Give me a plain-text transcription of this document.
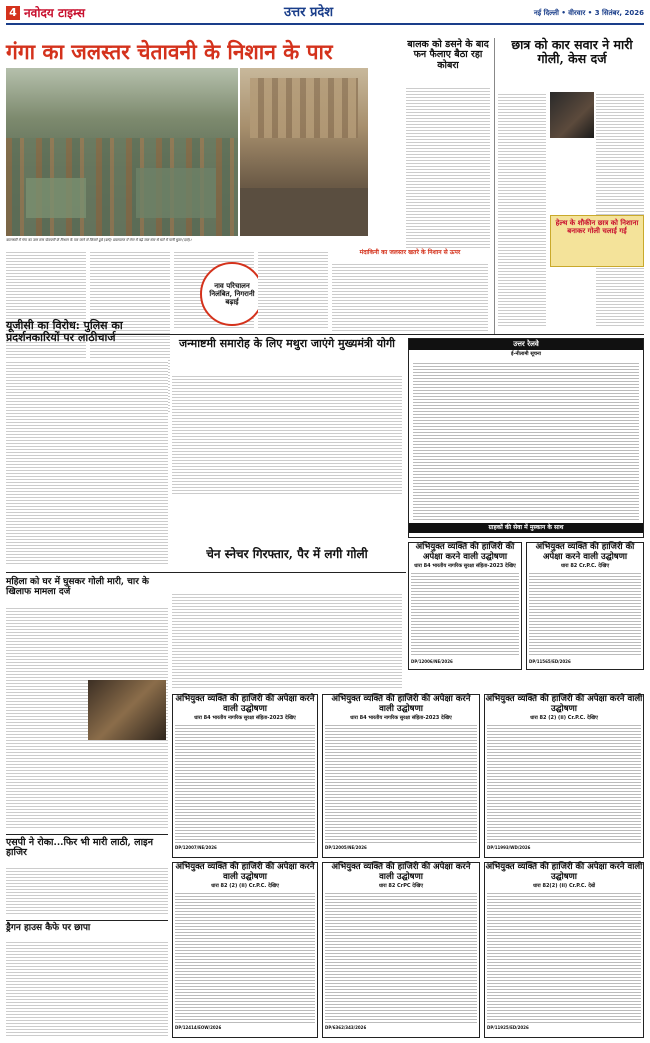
4 नवोदय टाइम्स	उत्तर प्रदेश	नई दिल्ली • वीरवार • 3 सितंबर, 2026
गंगा का जलस्तर चेतावनी के निशान के पार
वाराणसी में गंगा का जल स्तर चेतावनी के निशान के पार जाने से किनारे डूबे (बाएं) प्रयागराज में गंगा में बढ़े जल स्तर से घरों में पानी घुसा (दाएं)।
बालक को डसने के बाद फन फैलाए बैठा रहा कोबरा
छात्र को कार सवार ने मारी गोली, केस दर्ज
हेल्थ के शौकीन छात्र को निशाना बनाकर गोली चलाई गई
नाव परिचालन निलंबित, निगरानी बढ़ाई
मंदाकिनी का जलस्तर खतरे के निशान से ऊपर
यूजीसी का विरोध: पुलिस का प्रदर्शनकारियों पर लाठीचार्ज	जन्माष्टमी समारोह के लिए मथुरा जाएंगे मुख्यमंत्री योगी
महिला को घर में घुसकर गोली मारी, चार के खिलाफ मामला दर्ज
चेन स्नेचर गिरफ्तार, पैर में लगी गोली
एसपी ने रोका...फिर भी मारी लाठी, लाइन हाजिर
ड्रैगन हाउस कैफे पर छापा
उत्तर रेलवे
ई-नीलामी सूचना
ग्राहकों की सेवा में मुस्कान के साथ
अभियुक्त व्यक्ति की हाजिरी की अपेक्षा करने वाली उद्घोषणा
धारा 84 भारतीय नागरिक सुरक्षा संहिता-2023 देखिए
DP/12006/NE/2026
अभियुक्त व्यक्ति की हाजिरी की अपेक्षा करने वाली उद्घोषणा
धारा 82 Cr.P.C. देखिए
DP/11565/ED/2026
अभियुक्त व्यक्ति की हाजिरी की अपेक्षा करने वाली उद्घोषणा
धारा 84 भारतीय नागरिक सुरक्षा संहिता-2023 देखिए
DP/12007/NE/2026
अभियुक्त व्यक्ति की हाजिरी की अपेक्षा करने वाली उद्घोषणा
धारा 84 भारतीय नागरिक सुरक्षा संहिता-2023 देखिए
DP/12005/NE/2026
अभियुक्त व्यक्ति की हाजिरी की अपेक्षा करने वाली उद्घोषणा
धारा 82 (2) (ii) Cr.P.C. देखिए
DP/11993/WD/2026
अभियुक्त व्यक्ति की हाजिरी की अपेक्षा करने वाली उद्घोषणा
धारा 82 (2) (ii) Cr.P.C. देखिए
DP/12414/EOW/2026
अभियुक्त व्यक्ति की हाजिरी की अपेक्षा करने वाली उद्घोषणा
धारा 82 CrPC देखिए
DP/6362/343/2026
अभियुक्त व्यक्ति की हाजिरी की अपेक्षा करने वाली उद्घोषणा
धारा 82(2) (ii) Cr.P.C. देखें
DP/11925/ED/2026
